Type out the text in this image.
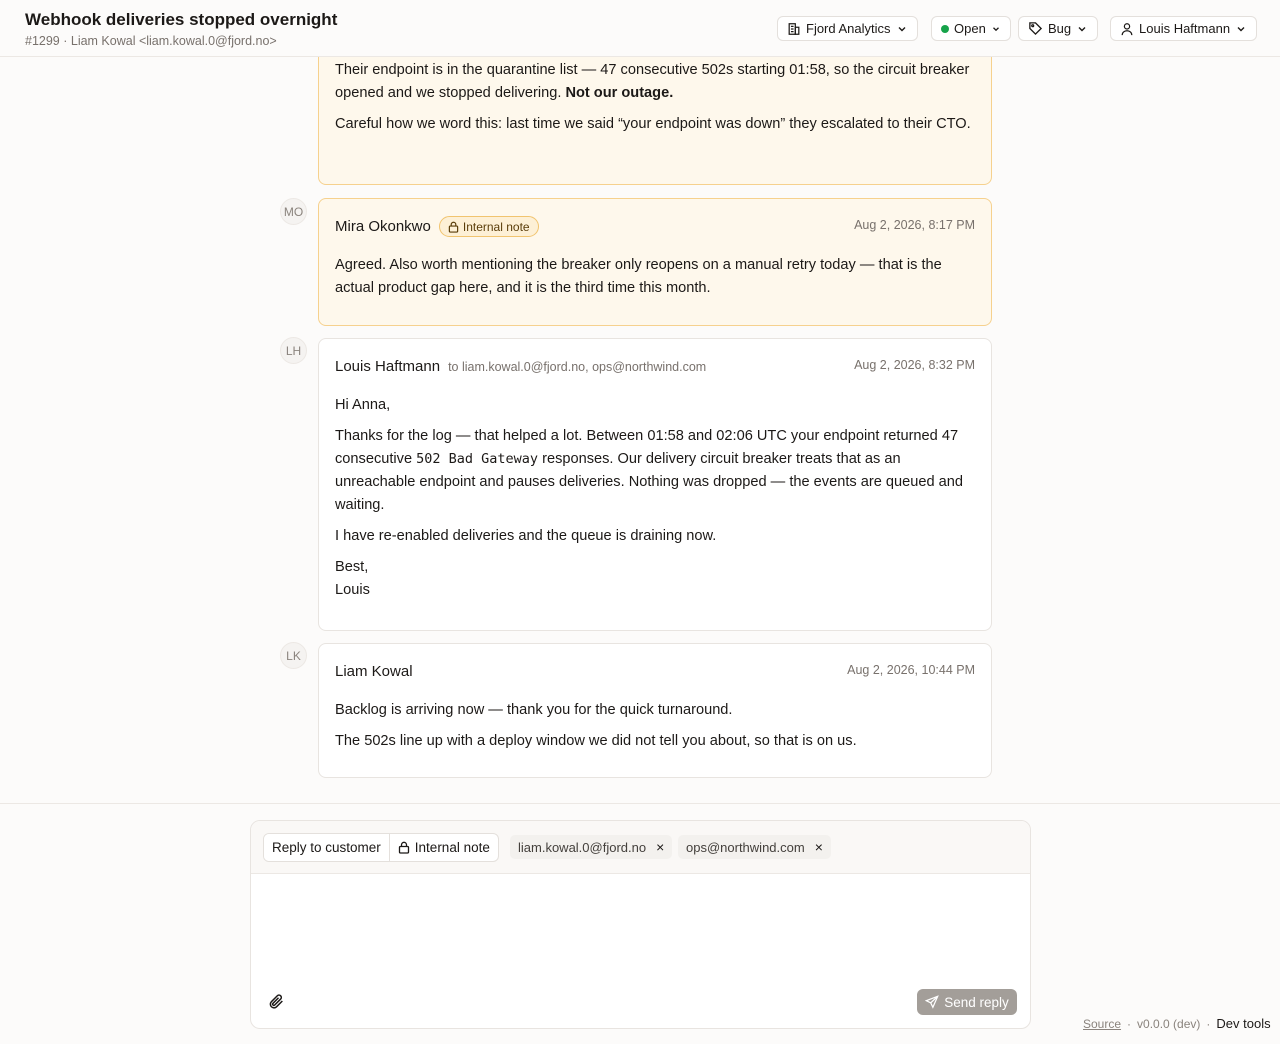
Webhook deliveries stopped overnight
#1299 · Liam Kowal <liam.kowal.0@fjord.no>
Fjord Analytics	Open	Bug	Louis Haftmann

Their endpoint is in the quarantine list — 47 consecutive 502s starting 01:58, so the circuit breaker opened and we stopped delivering. Not our outage.

Careful how we word this: last time we said “your endpoint was down” they escalated to their CTO.

MO
Mira Okonkwo	Internal note	Aug 2, 2026, 8:17 PM

Agreed. Also worth mentioning the breaker only reopens on a manual retry today — that is the actual product gap here, and it is the third time this month.

LH
Louis Haftmann to liam.kowal.0@fjord.no, ops@northwind.com	Aug 2, 2026, 8:32 PM

Hi Anna,

Thanks for the log — that helped a lot. Between 01:58 and 02:06 UTC your endpoint returned 47 consecutive 502 Bad Gateway responses. Our delivery circuit breaker treats that as an unreachable endpoint and pauses deliveries. Nothing was dropped — the events are queued and waiting.

I have re-enabled deliveries and the queue is draining now.

Best,
Louis

LK
Liam Kowal	Aug 2, 2026, 10:44 PM

Backlog is arriving now — thank you for the quick turnaround.

The 502s line up with a deploy window we did not tell you about, so that is on us.

Reply to customer	Internal note liam.kowal.0@fjord.no × ops@northwind.com ×
Send reply
Source · v0.0.0 (dev) · Dev tools
